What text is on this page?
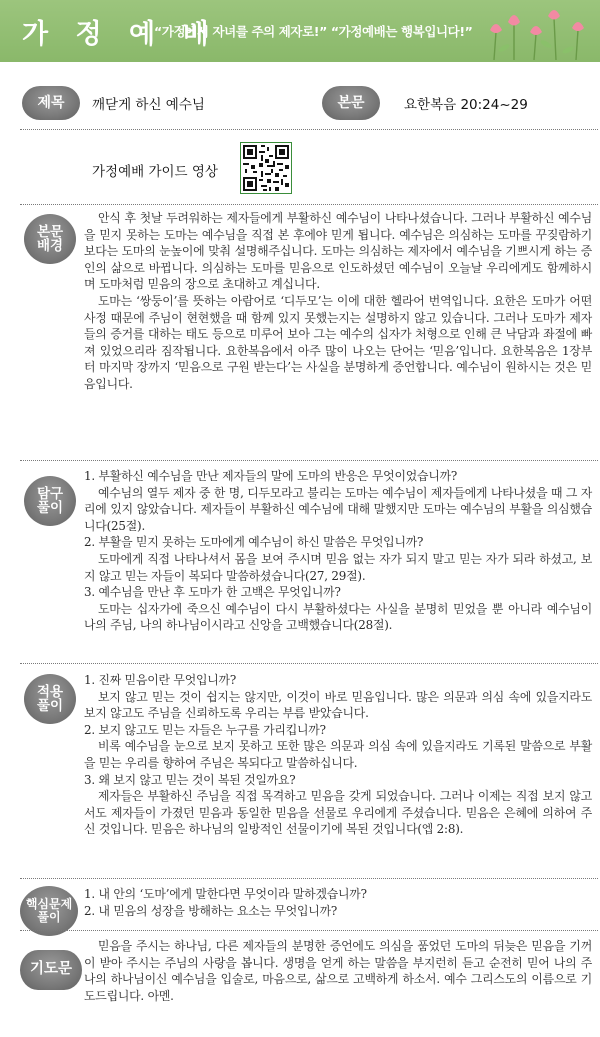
가 정 예 배
“가정에서 자녀를 주의 제자로!” “가정예배는 행복입니다!”
제목	깨닫게 하신 예수님	본문	요한복음 20:24~29
가정예배 가이드 영상
본문
배경

안식 후 첫날 두려워하는 제자들에게 부활하신 예수님이 나타나셨습니다. 그러나 부활하신 예수님을 믿지 못하는 도마는 예수님을 직접 본 후에야 믿게 됩니다. 예수님은 의심하는 도마를 꾸짖람하기보다는 도마의 눈높이에 맞춰 설명해주십니다. 도마는 의심하는 제자에서 예수님을 기쁘시게 하는 증인의 삶으로 바뀝니다. 의심하는 도마를 믿음으로 인도하셨던 예수님이 오늘날 우리에게도 함께하시며 도마처럼 믿음의 장으로 초대하고 계십니다.

도마는 ‘쌍둥이’를 뜻하는 아람어로 ‘디두모’는 이에 대한 헬라어 번역입니다. 요한은 도마가 어떤 사정 때문에 주님이 현현했을 때 함께 있지 못했는지는 설명하지 않고 있습니다. 그러나 도마가 제자들의 증거를 대하는 태도 등으로 미루어 보아 그는 예수의 십자가 처형으로 인해 큰 낙담과 좌절에 빠져 있었으리라 짐작됩니다. 요한복음에서 아주 많이 나오는 단어는 ‘믿음’입니다. 요한복음은 1장부터 마지막 장까지 ‘믿음으로 구원 받는다’는 사실을 분명하게 증언합니다. 예수님이 원하시는 것은 믿음입니다.

탐구
풀이

1. 부활하신 예수님을 만난 제자들의 말에 도마의 반응은 무엇이었습니까?

예수님의 열두 제자 중 한 명, 디두모라고 불리는 도마는 예수님이 제자들에게 나타나셨을 때 그 자리에 있지 않았습니다. 제자들이 부활하신 예수님에 대해 말했지만 도마는 예수님의 부활을 의심했습니다(25절).

2. 부활을 믿지 못하는 도마에게 예수님이 하신 말씀은 무엇입니까?

도마에게 직접 나타나셔서 몸을 보여 주시며 믿음 없는 자가 되지 말고 믿는 자가 되라 하셨고, 보지 않고 믿는 자들이 복되다 말씀하셨습니다(27, 29절).

3. 예수님을 만난 후 도마가 한 고백은 무엇입니까?

도마는 십자가에 죽으신 예수님이 다시 부활하셨다는 사실을 분명히 믿었을 뿐 아니라 예수님이 나의 주님, 나의 하나님이시라고 신앙을 고백했습니다(28절).

적용
풀이

1. 진짜 믿음이란 무엇입니까?

보지 않고 믿는 것이 쉽지는 않지만, 이것이 바로 믿음입니다. 많은 의문과 의심 속에 있을지라도 보지 않고도 주님을 신뢰하도록 우리는 부름 받았습니다.

2. 보지 않고도 믿는 자들은 누구를 가리킵니까?

비록 예수님을 눈으로 보지 못하고 또한 많은 의문과 의심 속에 있을지라도 기록된 말씀으로 부활을 믿는 우리를 향하여 주님은 복되다고 말씀하십니다.

3. 왜 보지 않고 믿는 것이 복된 것일까요?

제자들은 부활하신 주님을 직접 목격하고 믿음을 갖게 되었습니다. 그러나 이제는 직접 보지 않고서도 제자들이 가졌던 믿음과 동일한 믿음을 선물로 우리에게 주셨습니다. 믿음은 은혜에 의하여 주신 것입니다. 믿음은 하나님의 일방적인 선물이기에 복된 것입니다(엡 2:8).

핵심문제
풀이

1. 내 안의 ‘도마’에게 말한다면 무엇이라 말하겠습니까?

2. 내 믿음의 성장을 방해하는 요소는 무엇입니까?

기도문

믿음을 주시는 하나님, 다른 제자들의 분명한 증언에도 의심을 품었던 도마의 뒤늦은 믿음을 기꺼이 받아 주시는 주님의 사랑을 봅니다. 생명을 얻게 하는 말씀을 부지런히 듣고 순전히 믿어 나의 주 나의 하나님이신 예수님을 입술로, 마음으로, 삶으로 고백하게 하소서. 예수 그리스도의 이름으로 기도드립니다. 아멘.
